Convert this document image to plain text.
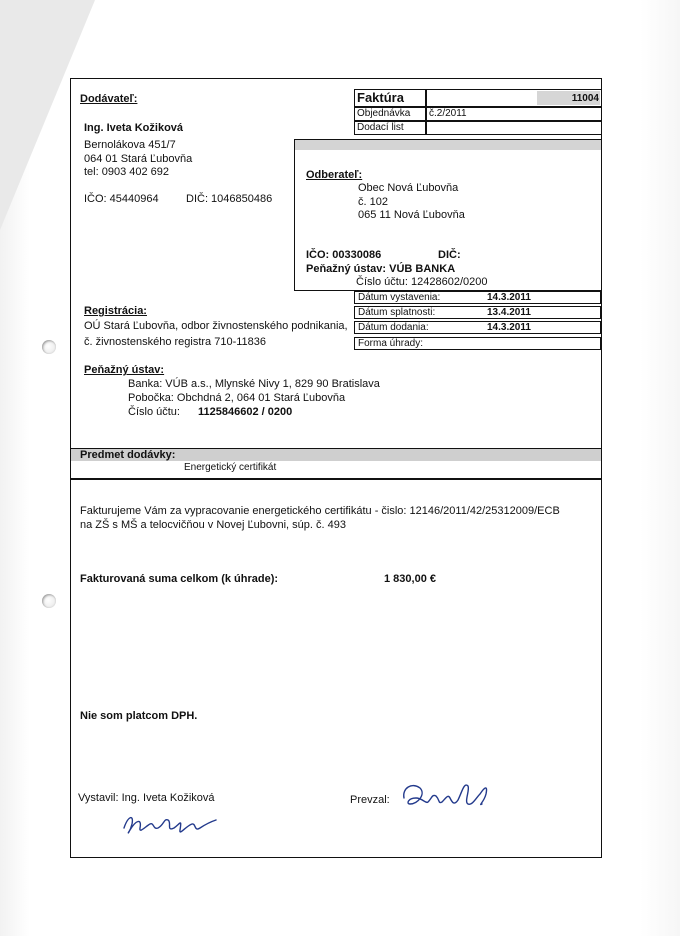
Faktúra	11004
Objednávka	č.2/2011
Dodací list
Dodávateľ:
Ing. Iveta Kožiková
Bernolákova 451/7
064 01 Stará Ľubovňa
tel: 0903 402 692
IČO: 45440964 DIČ: 1046850486
Odberateľ:
Obec Nová Ľubovňa
č. 102
065 11 Nová Ľubovňa
IČO: 00330086	DIČ:
Peňažný ústav: VÚB BANKA
Číslo účtu: 12428602/0200
Dátum vystavenia:	14.3.2011
Dátum splatnosti:	13.4.2011
Dátum dodania:	14.3.2011
Forma úhrady:
Registrácia:
OÚ Stará Ľubovňa, odbor živnostenského podnikania,
č. živnostenského registra 710-11836
Peňažný ústav:
Banka: VÚB a.s., Mlynské Nivy 1, 829 90 Bratislava
Pobočka: Obchdná 2, 064 01 Stará Ľubovňa
Číslo účtu: 1125846602 / 0200
Predmet dodávky:
Energetický certifikát
Fakturujeme Vám za vypracovanie energetického certifikátu - čislo: 12146/2011/42/25312009/ECB
na ZŠ s MŠ a telocvičňou v Novej Ľubovni, súp. č. 493
Fakturovaná suma celkom (k úhrade):	1 830,00 €
Nie som platcom DPH.
Vystavil: Ing. Iveta Kožiková	Prevzal:
